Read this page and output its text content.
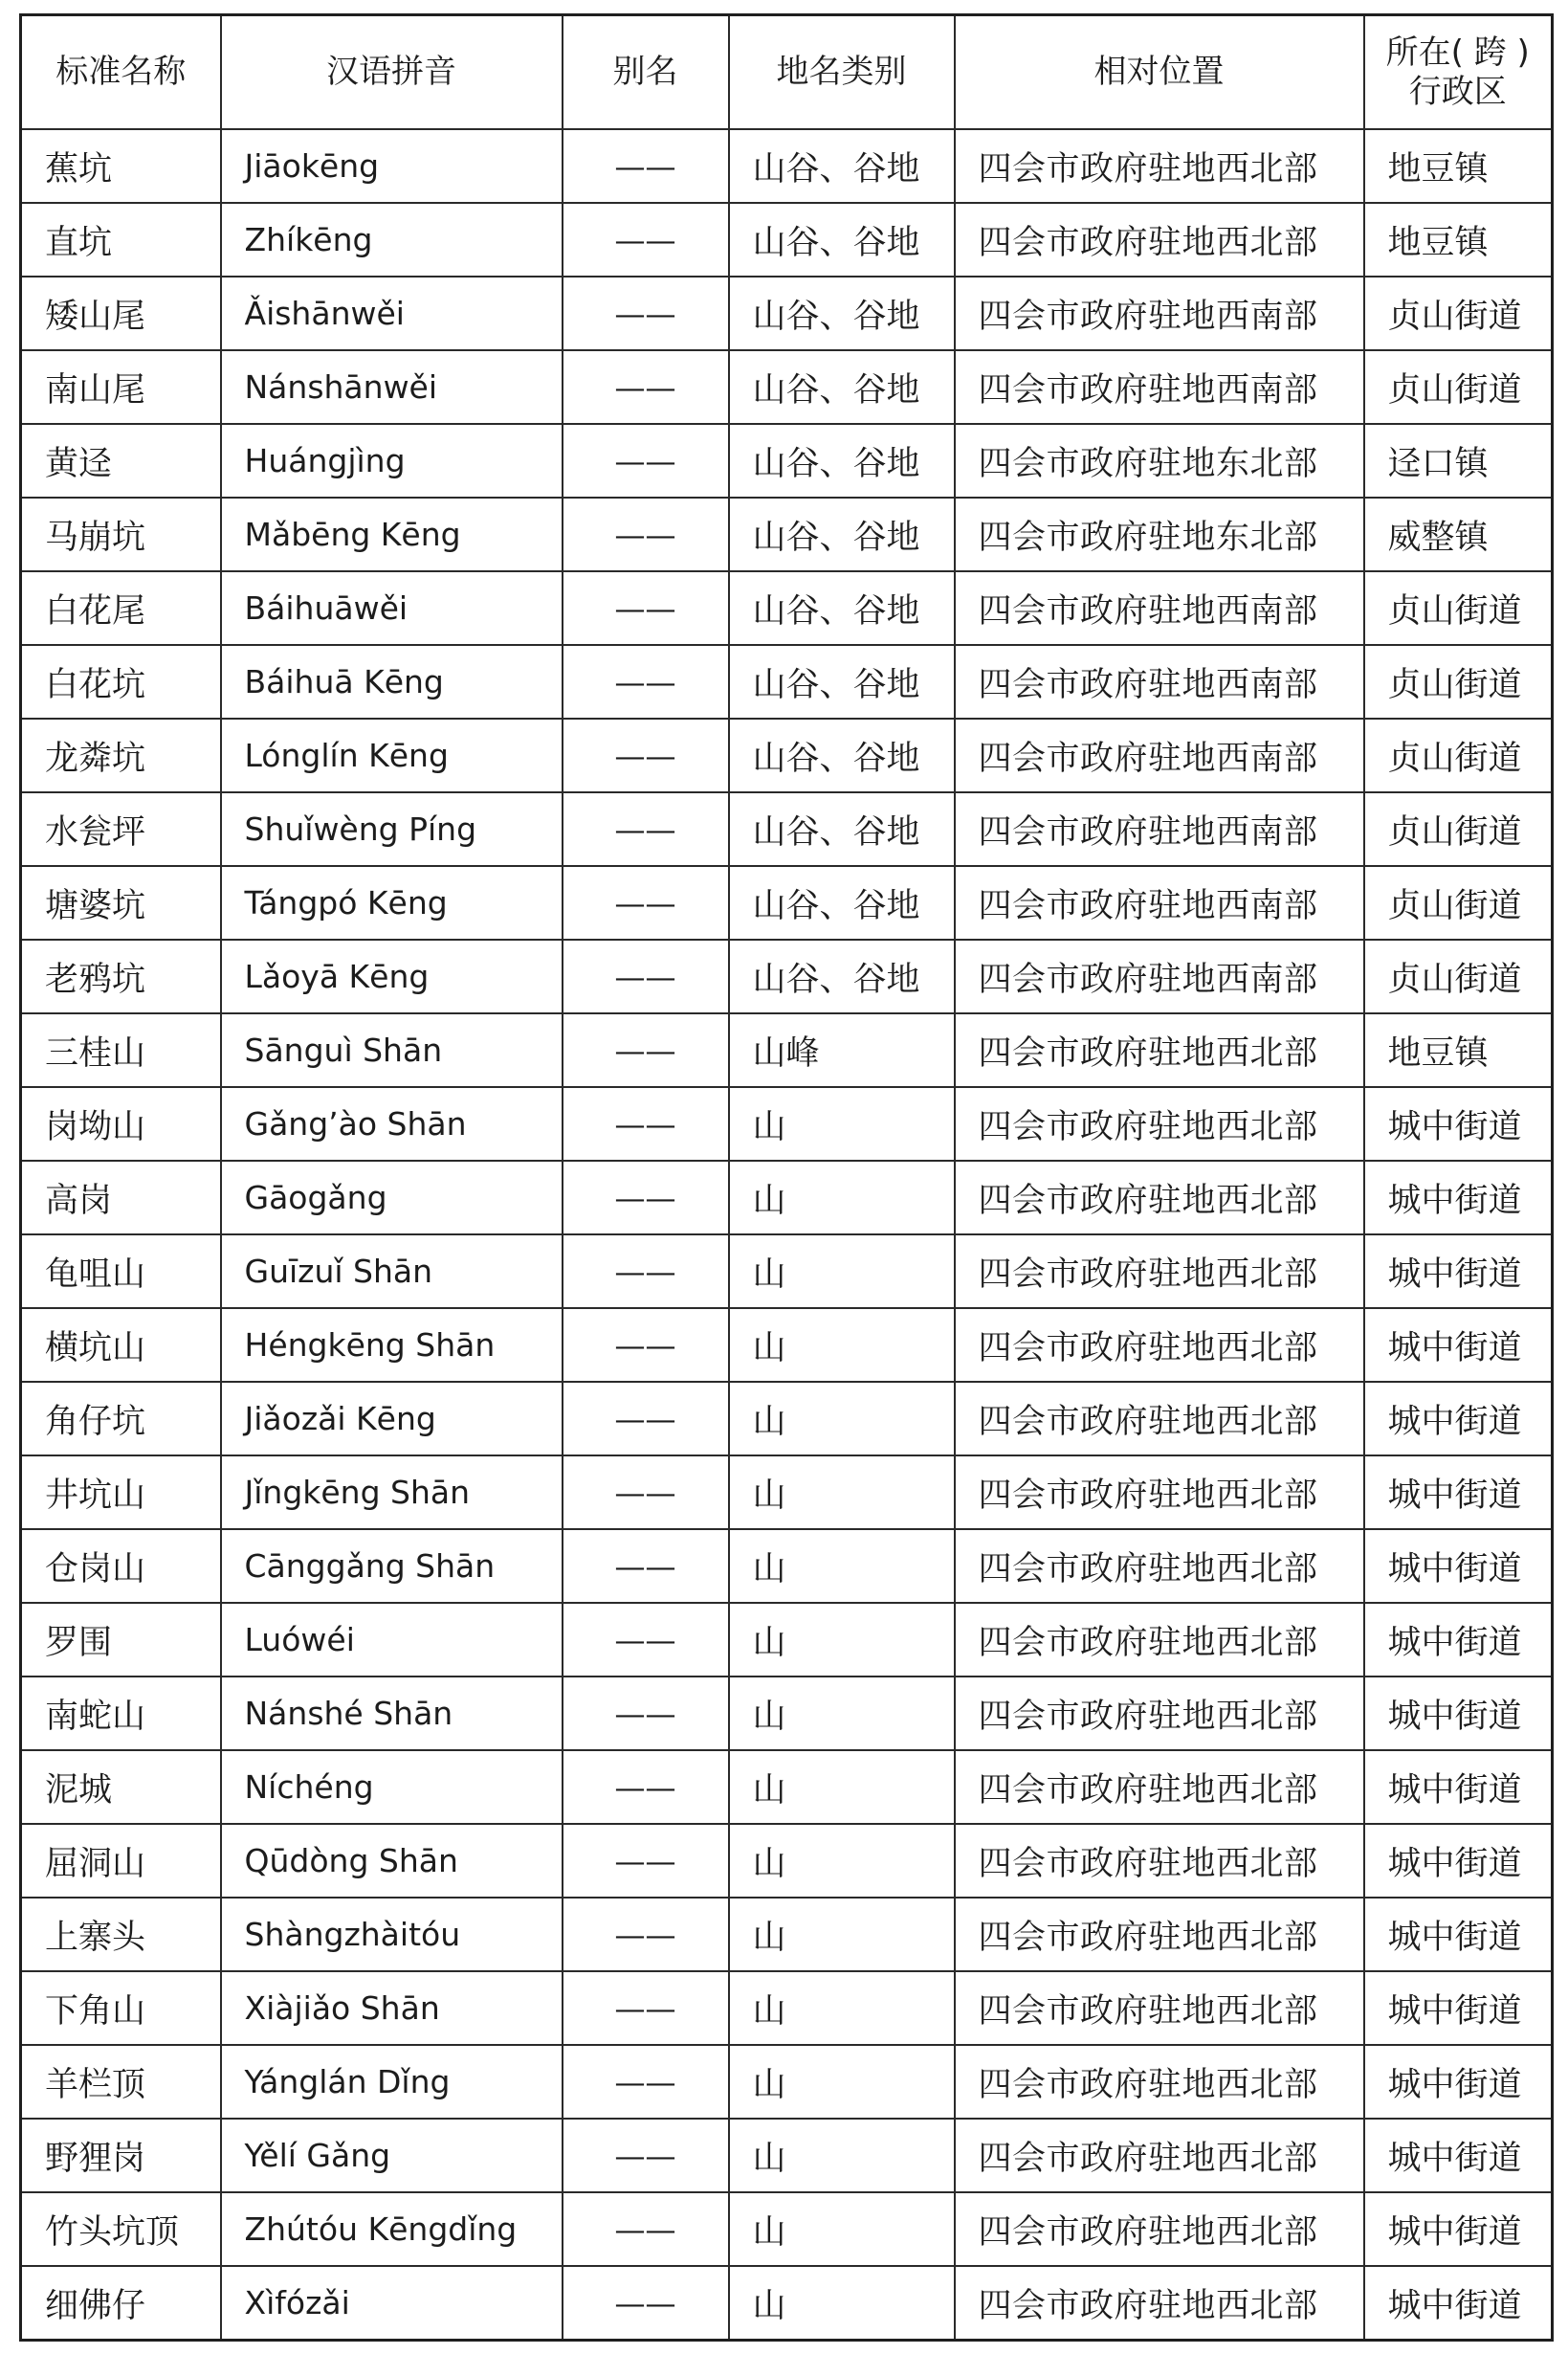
标准名称	汉语拼音	别名	地名类别	相对位置	所在( 跨 )
行政区

蕉坑	Jiāokēng	——	山谷、谷地	四会市政府驻地西北部	地豆镇
直坑	Zhíkēng	——	山谷、谷地	四会市政府驻地西北部	地豆镇
矮山尾	Ǎishānwěi	——	山谷、谷地	四会市政府驻地西南部	贞山街道
南山尾	Nánshānwěi	——	山谷、谷地	四会市政府驻地西南部	贞山街道
黄迳	Huángjìng	——	山谷、谷地	四会市政府驻地东北部	迳口镇
马崩坑	Mǎbēng Kēng	——	山谷、谷地	四会市政府驻地东北部	威整镇
白花尾	Báihuāwěi	——	山谷、谷地	四会市政府驻地西南部	贞山街道
白花坑	Báihuā Kēng	——	山谷、谷地	四会市政府驻地西南部	贞山街道
龙粦坑	Lónglín Kēng	——	山谷、谷地	四会市政府驻地西南部	贞山街道
水瓮坪	Shuǐwèng Píng	——	山谷、谷地	四会市政府驻地西南部	贞山街道
塘婆坑	Tángpó Kēng	——	山谷、谷地	四会市政府驻地西南部	贞山街道
老鸦坑	Lǎoyā Kēng	——	山谷、谷地	四会市政府驻地西南部	贞山街道
三桂山	Sānguì Shān	——	山峰	四会市政府驻地西北部	地豆镇
岗坳山	Gǎng’ào Shān	——	山	四会市政府驻地西北部	城中街道
高岗	Gāogǎng	——	山	四会市政府驻地西北部	城中街道
龟咀山	Guīzuǐ Shān	——	山	四会市政府驻地西北部	城中街道
横坑山	Héngkēng Shān	——	山	四会市政府驻地西北部	城中街道
角仔坑	Jiǎozǎi Kēng	——	山	四会市政府驻地西北部	城中街道
井坑山	Jǐngkēng Shān	——	山	四会市政府驻地西北部	城中街道
仓岗山	Cānggǎng Shān	——	山	四会市政府驻地西北部	城中街道
罗围	Luówéi	——	山	四会市政府驻地西北部	城中街道
南蛇山	Nánshé Shān	——	山	四会市政府驻地西北部	城中街道
泥城	Níchéng	——	山	四会市政府驻地西北部	城中街道
屈洞山	Qūdòng Shān	——	山	四会市政府驻地西北部	城中街道
上寨头	Shàngzhàitóu	——	山	四会市政府驻地西北部	城中街道
下角山	Xiàjiǎo Shān	——	山	四会市政府驻地西北部	城中街道
羊栏顶	Yánglán Dǐng	——	山	四会市政府驻地西北部	城中街道
野狸岗	Yělí Gǎng	——	山	四会市政府驻地西北部	城中街道
竹头坑顶	Zhútóu Kēngdǐng	——	山	四会市政府驻地西北部	城中街道
细佛仔	Xìfózǎi	——	山	四会市政府驻地西北部	城中街道
